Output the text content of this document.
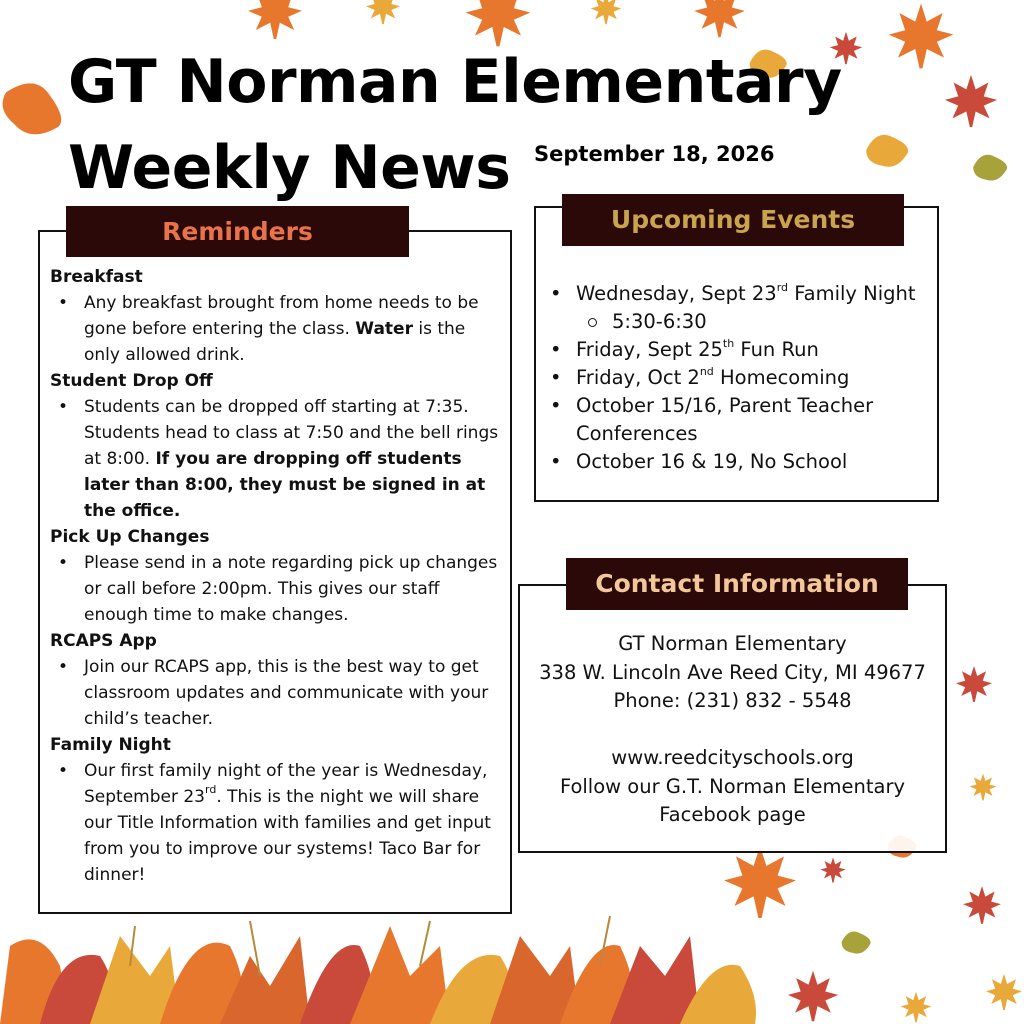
GT Norman Elementary
Weekly News September 18, 2026

Breakfast

• Any breakfast brought from home needs to be gone before entering the class. Water is the only allowed drink.

Student Drop Off

• Students can be dropped off starting at 7:35. Students head to class at 7:50 and the bell rings at 8:00. If you are dropping off students later than 8:00, they must be signed in at the office.

Pick Up Changes

• Please send in a note regarding pick up changes or call before 2:00pm. This gives our staff enough time to make changes.

RCAPS App

• Join our RCAPS app, this is the best way to get classroom updates and communicate with your child’s teacher.

Family Night

• Our first family night of the year is Wednesday, September 23rd. This is the night we will share our Title Information with families and get input from you to improve our systems! Taco Bar for dinner!
Reminders
• Wednesday, Sept 23rd Family Night
5:30-6:30
• Friday, Sept 25th Fun Run
• Friday, Oct 2nd Homecoming
• October 15/16, Parent Teacher Conferences
• October 16 & 19, No School
Upcoming Events

GT Norman Elementary

338 W. Lincoln Ave Reed City, MI 49677

Phone: (231) 832 - 5548

www.reedcityschools.org

Follow our G.T. Norman Elementary Facebook page

Contact Information
